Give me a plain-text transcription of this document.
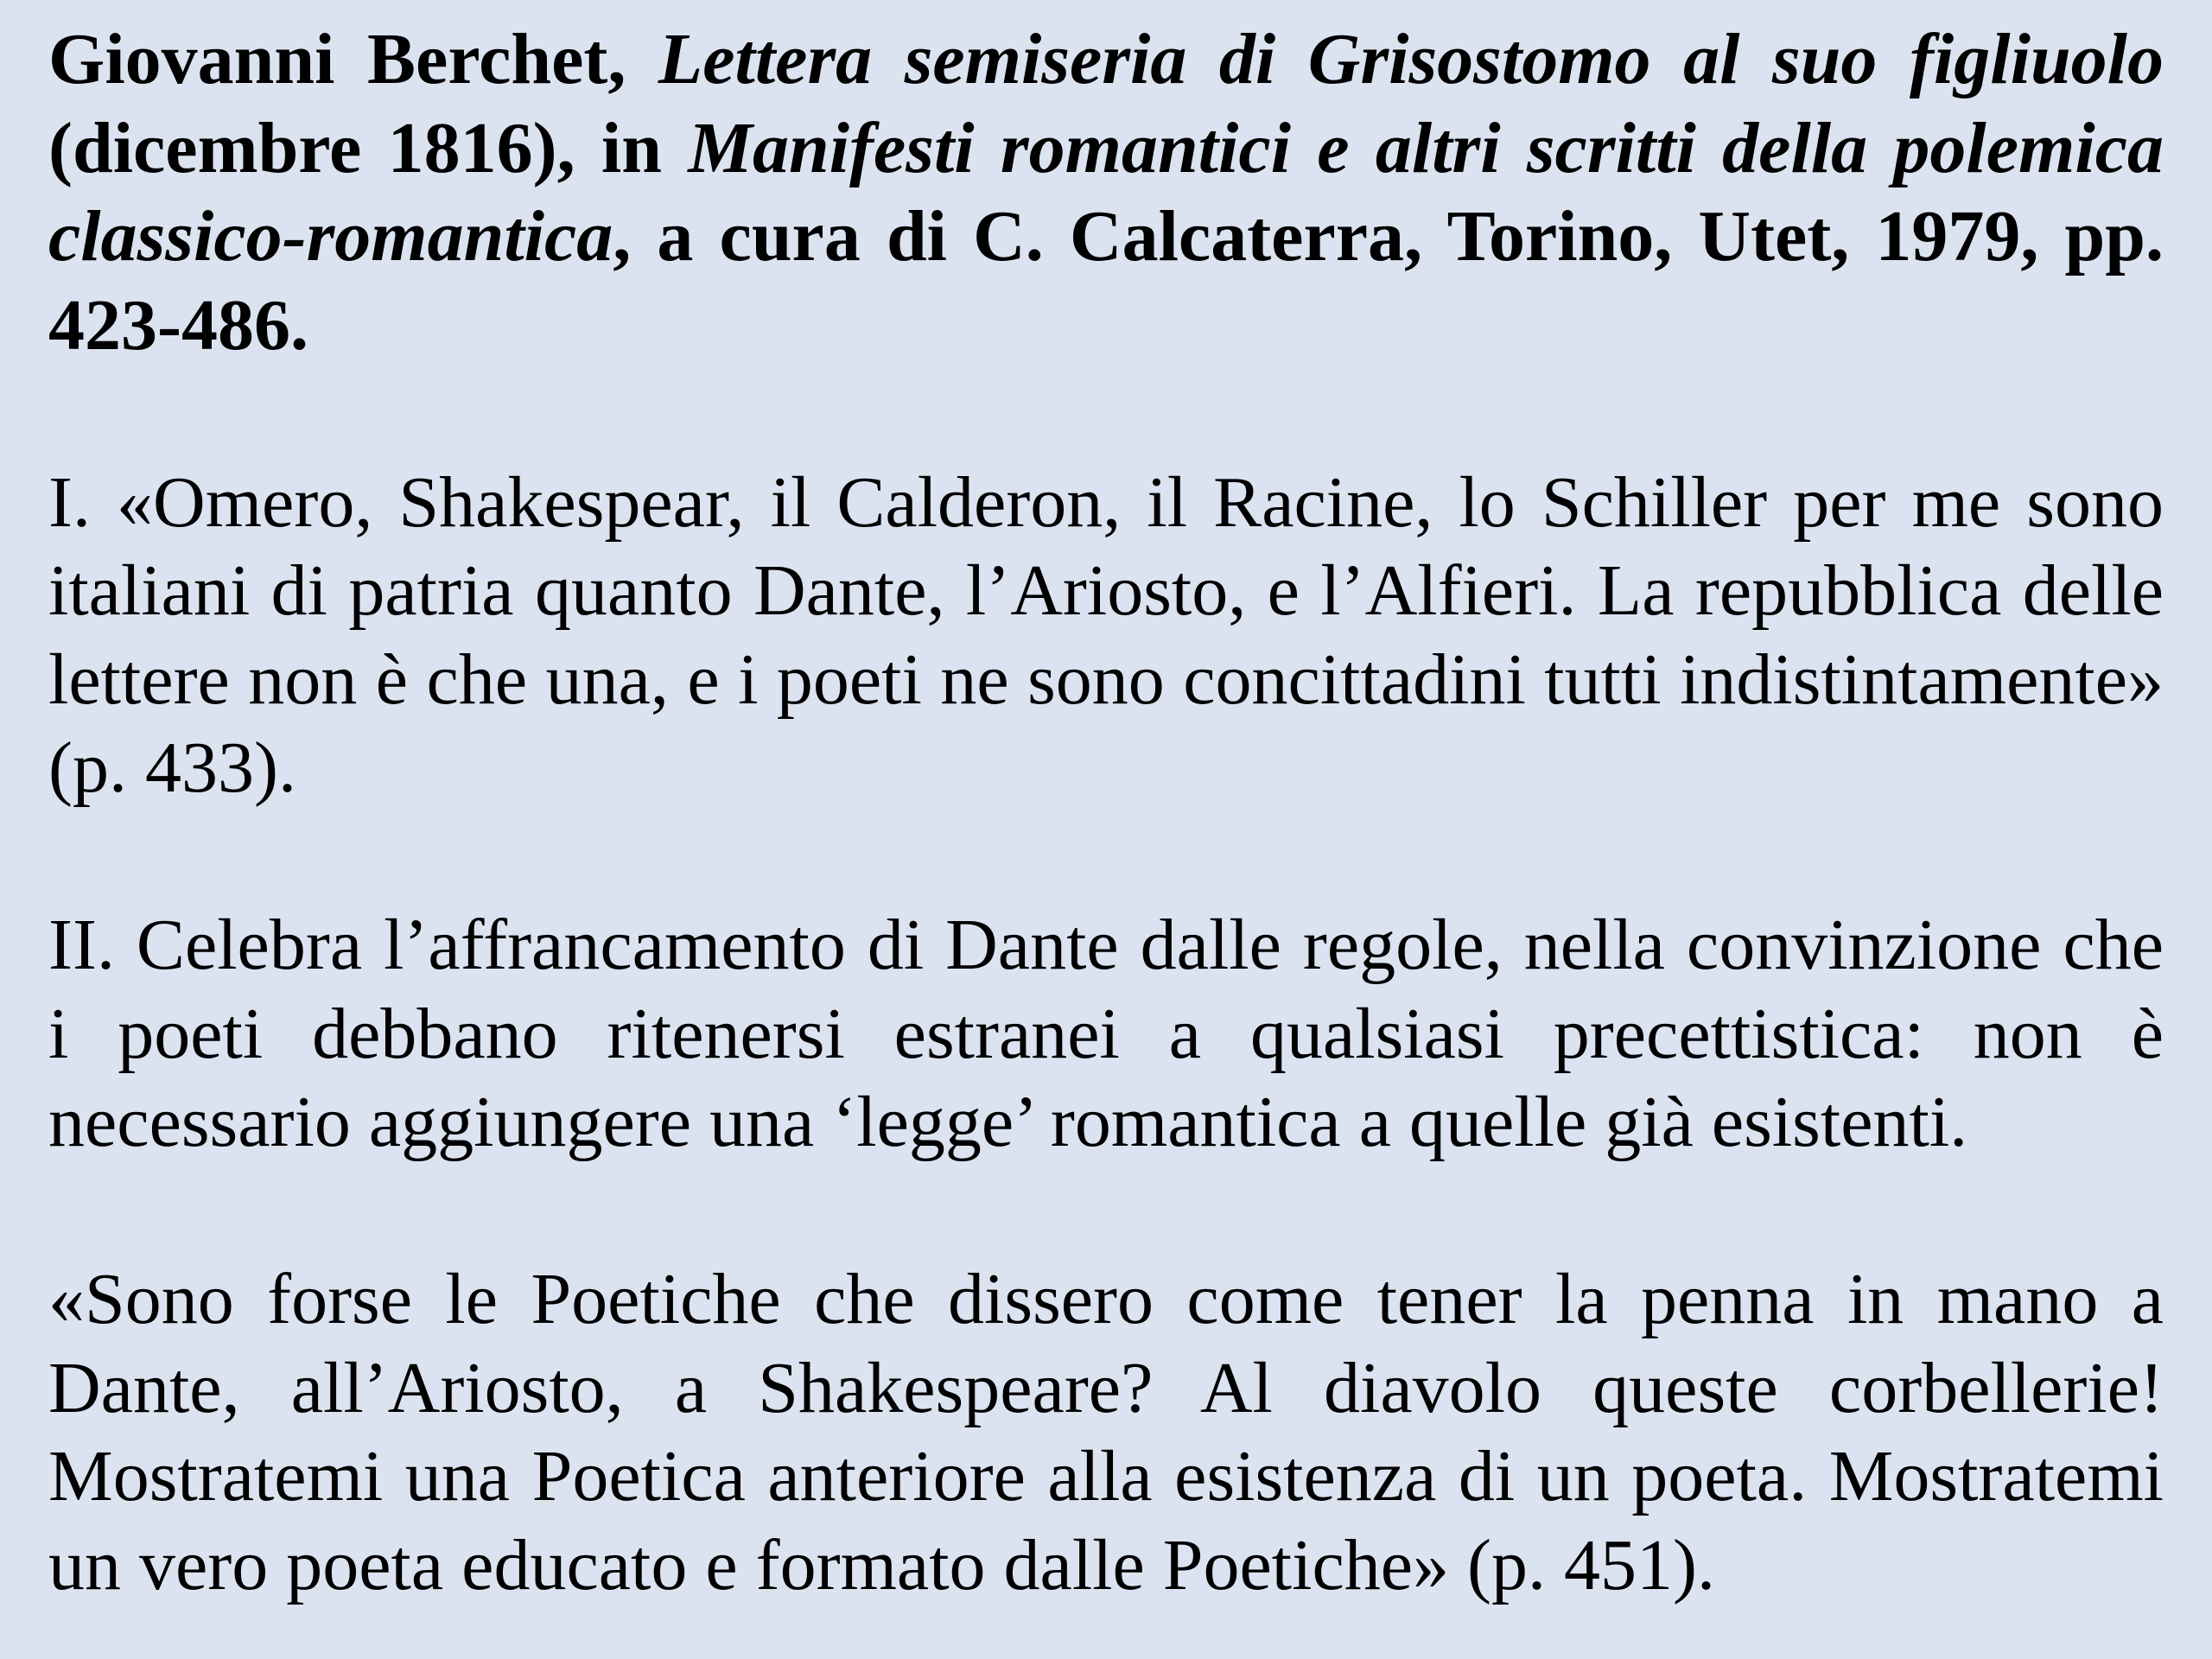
Giovanni Berchet, Lettera semiseria di Grisostomo al suo figliuolo (dicembre 1816), in Manifesti romantici e altri scritti della polemica classico-romantica, a cura di C. Calcaterra, Torino, Utet, 1979, pp. 423-486.

I. «Omero, Shakespear, il Calderon, il Racine, lo Schiller per me sono italiani di patria quanto Dante, l’Ariosto, e l’Alfieri. La repubblica delle lettere non è che una, e i poeti ne sono concittadini tutti indistintamente» (p. 433).

II. Celebra l’affrancamento di Dante dalle regole, nella convinzione che i poeti debbano ritenersi estranei a qualsiasi precettistica: non è necessario aggiungere una ‘legge’ romantica a quelle già esistenti.

«Sono forse le Poetiche che dissero come tener la penna in mano a Dante, all’Ariosto, a Shakespeare? Al diavolo queste corbellerie! Mostratemi una Poetica anteriore alla esistenza di un poeta. Mostratemi un vero poeta educato e formato dalle Poetiche» (p. 451).
